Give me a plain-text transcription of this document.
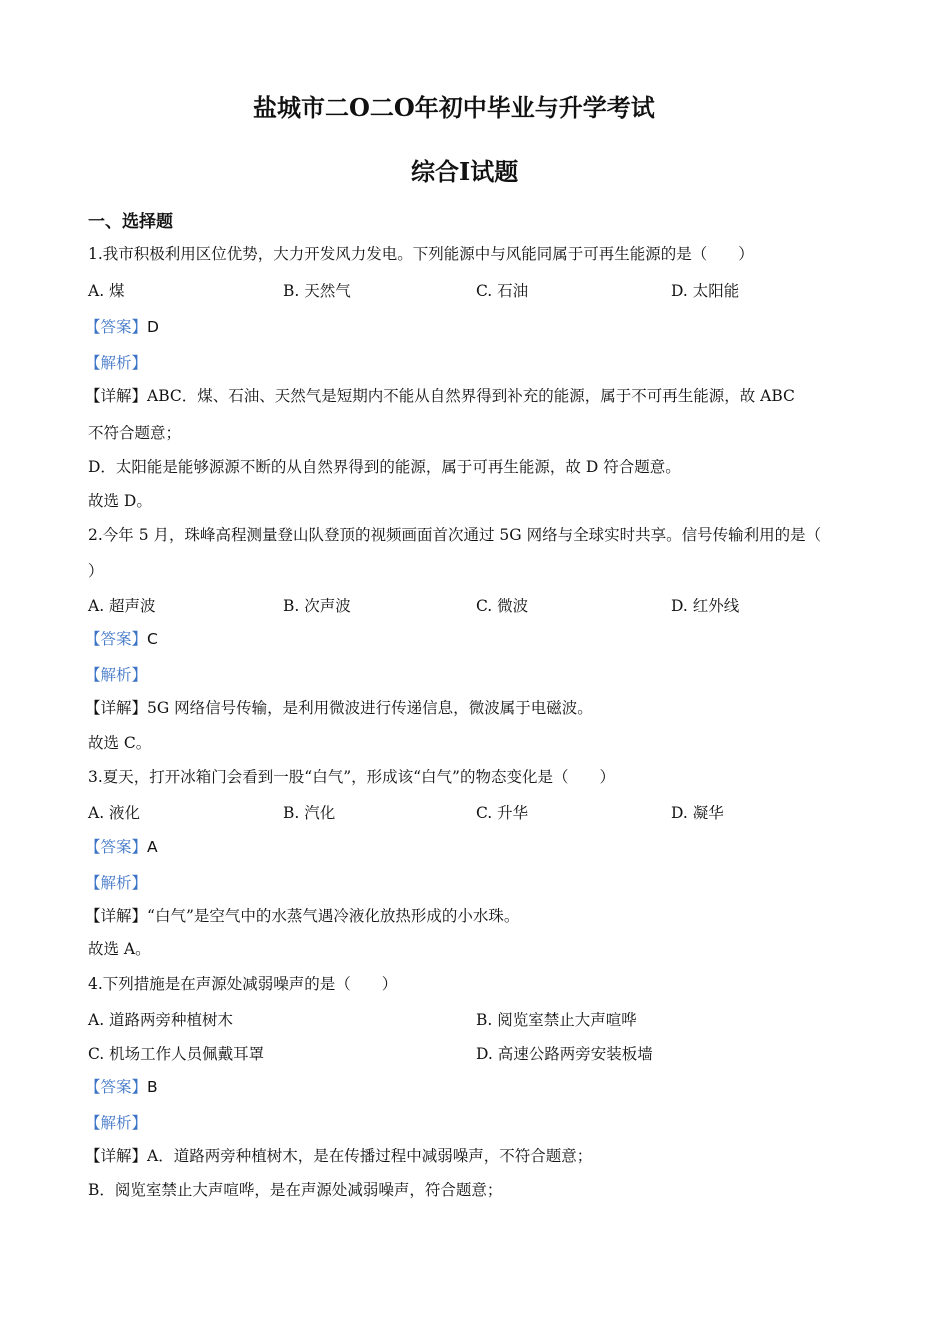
盐城市二O二O年初中毕业与升学考试
综合Ⅰ试题
一、选择题
1.我市积极利用区位优势，大力开发风力发电。下列能源中与风能同属于可再生能源的是（　　）
A. 煤	B. 天然气	C. 石油	D. 太阳能
【答案】D
【解析】
【详解】ABC．煤、石油、天然气是短期内不能从自然界得到补充的能源，属于不可再生能源，故 ABC
不符合题意；
D．太阳能是能够源源不断的从自然界得到的能源，属于可再生能源，故 D 符合题意。
故选 D。
2.今年 5 月，珠峰高程测量登山队登顶的视频画面首次通过 5G 网络与全球实时共享。信号传输利用的是（
）
A. 超声波	B. 次声波	C. 微波	D. 红外线
【答案】C
【解析】
【详解】5G 网络信号传输，是利用微波进行传递信息，微波属于电磁波。
故选 C。
3.夏天，打开冰箱门会看到一股“白气”，形成该“白气”的物态变化是（　　）
A. 液化	B. 汽化	C. 升华	D. 凝华
【答案】A
【解析】
【详解】“白气”是空气中的水蒸气遇冷液化放热形成的小水珠。
故选 A。
4.下列措施是在声源处减弱噪声的是（　　）
A. 道路两旁种植树木	B. 阅览室禁止大声喧哗
C. 机场工作人员佩戴耳罩	D. 高速公路两旁安装板墙
【答案】B
【解析】
【详解】A．道路两旁种植树木，是在传播过程中减弱噪声，不符合题意；
B．阅览室禁止大声喧哗，是在声源处减弱噪声，符合题意；
